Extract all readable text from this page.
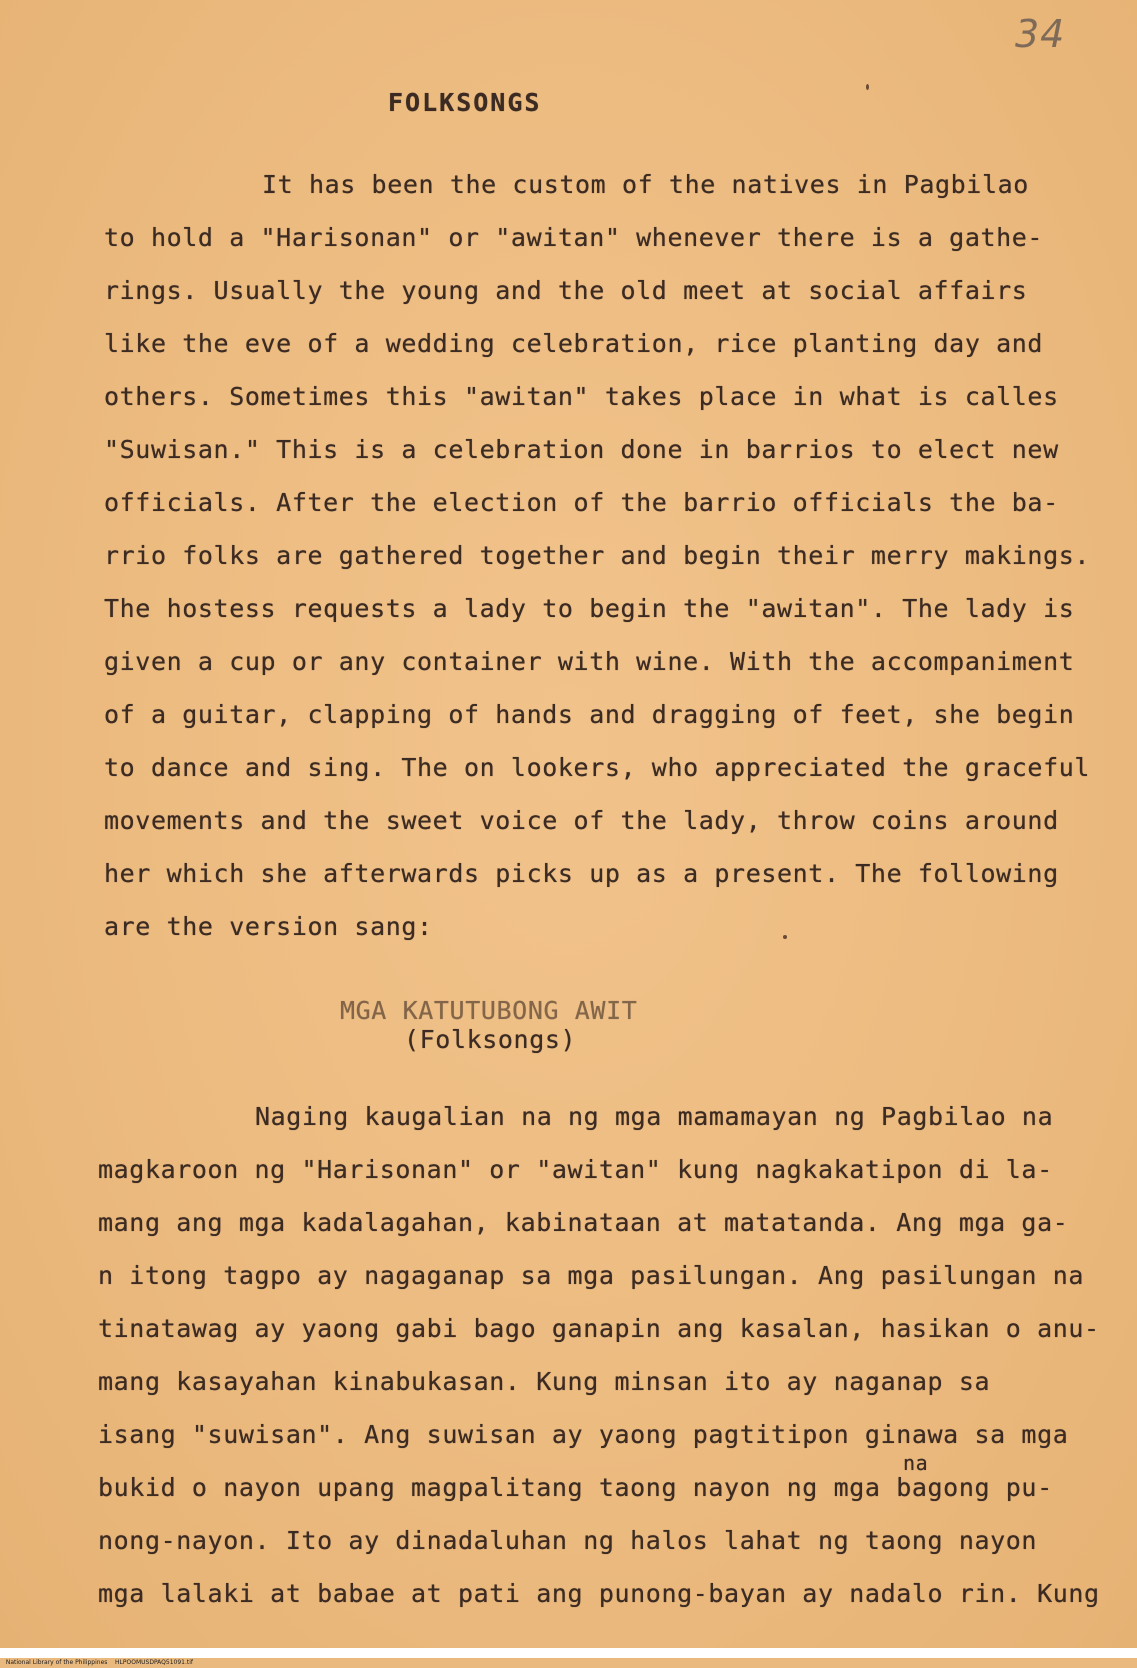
34
FOLKSONGS
It has been the custom of the natives in Pagbilao
to hold a "Harisonan" or "awitan" whenever there is a gathe-
rings. Usually the young and the old meet at social affairs
like the eve of a wedding celebration, rice planting day and
others. Sometimes this "awitan" takes place in what is calles
"Suwisan." This is a celebration done in barrios to elect new
officials. After the election of the barrio officials the ba-
rrio folks are gathered together and begin their merry makings.
The hostess requests a lady to begin the "awitan". The lady is
given a cup or any container with wine. With the accompaniment
of a guitar, clapping of hands and dragging of feet, she begin
to dance and sing. The on lookers, who appreciated the graceful
movements and the sweet voice of the lady, throw coins around
her which she afterwards picks up as a present. The following
are the version sang:
MGA KATUTUBONG AWIT
(Folksongs)
Naging kaugalian na ng mga mamamayan ng Pagbilao na
magkaroon ng "Harisonan" or "awitan" kung nagkakatipon di la-
mang ang mga kadalagahan, kabinataan at matatanda. Ang mga ga-
n itong tagpo ay nagaganap sa mga pasilungan. Ang pasilungan na
tinatawag ay yaong gabi bago ganapin ang kasalan, hasikan o anu-
mang kasayahan kinabukasan. Kung minsan ito ay naganap sa
isang "suwisan". Ang suwisan ay yaong pagtitipon ginawa sa mga
na
bukid o nayon upang magpalitang taong nayon ng mga bagong pu-
nong-nayon. Ito ay dinadaluhan ng halos lahat ng taong nayon
mga lalaki at babae at pati ang punong-bayan ay nadalo rin. Kung

National Library of the Philippines    HLPOOMUSDPAQ51091.tif
